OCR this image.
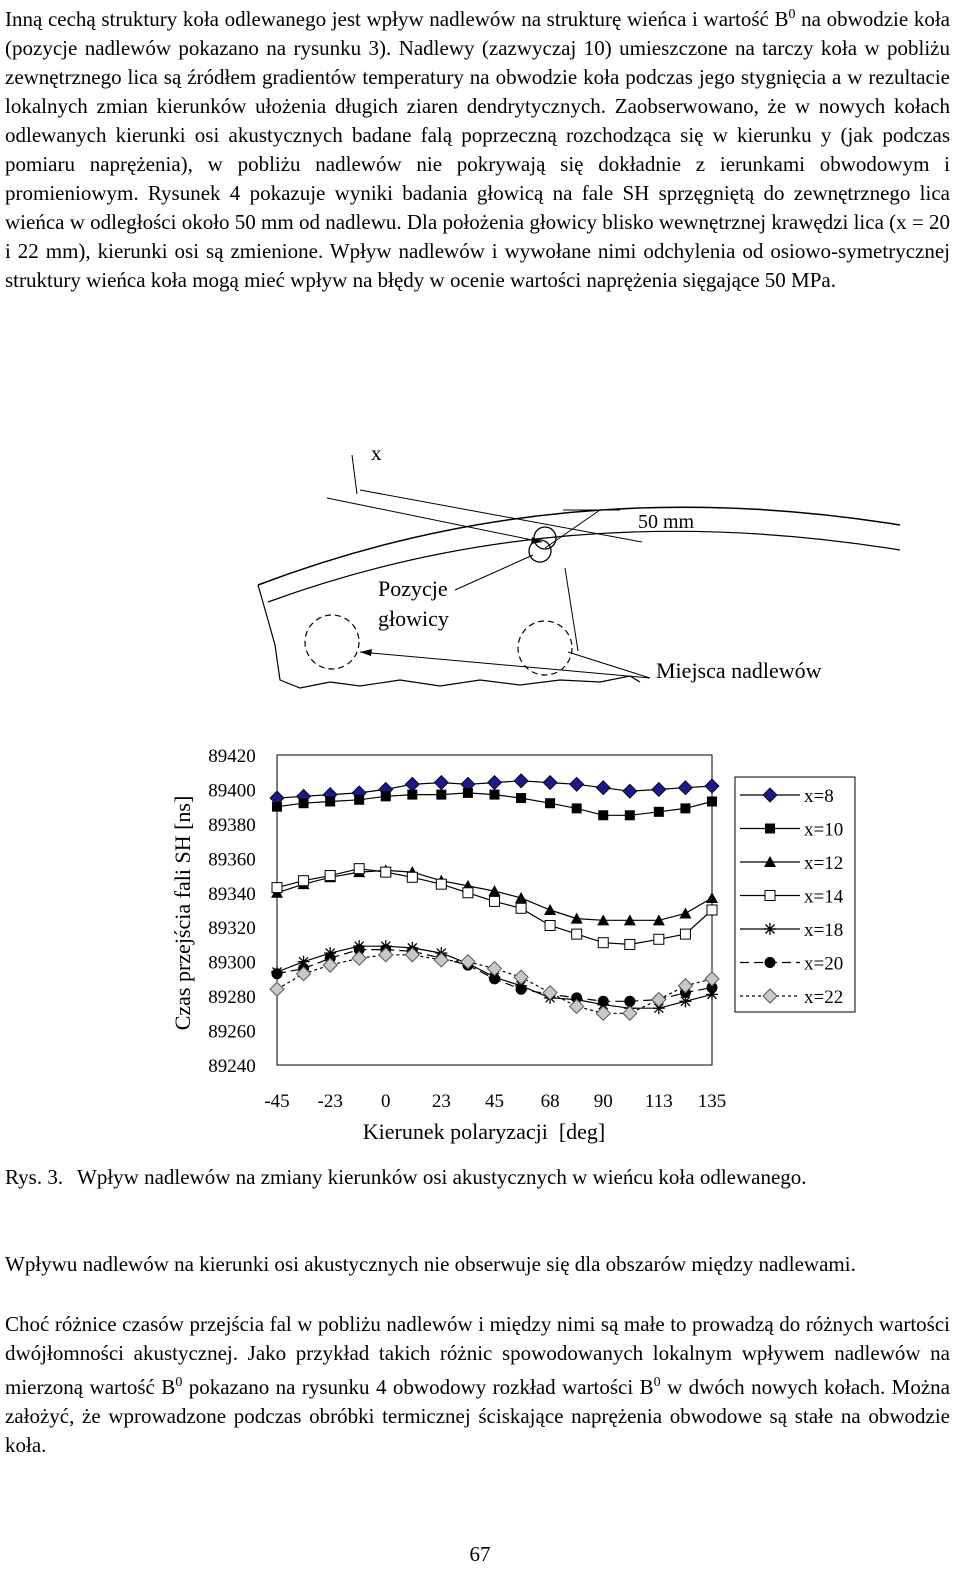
Inną cechą struktury koła odlewanego jest wpływ nadlewów na strukturę wieńca i wartość $B^0$ na obwodzie koła (pozycje nadlewów pokazano na rysunku 3). Nadlewy (zazwyczaj 10) umieszczone na tarczy koła w pobliżu zewnętrznego lica są źródłem gradientów temperatury na obwodzie koła podczas jego stygnięcia a w rezultacie lokalnych zmian kierunków ułożenia długich ziaren dendrytycznych. Zaobserwowano, że w nowych kołach odlewanych kierunki osi akustycznych badane falą poprzeczną rozchodząca się w kierunku y (jak podczas pomiaru naprężenia), w pobliżu nadlewów nie pokrywają się dokładnie z ierunkami obwodowym i promieniowym. Rysunek 4 pokazuje wyniki badania głowicą na fale SH sprzęgniętą do zewnętrznego lica wieńca w odległości około 50 mm od nadlewu. Dla położenia głowicy blisko wewnętrznej krawędzi lica (x = 20 i 22 mm), kierunki osi są zmienione. Wpływ nadlewów i wywołane nimi odchylenia od osiowo-symetrycznej struktury wieńca koła mogą mieć wpływ na błędy w ocenie wartości naprężenia sięgające 50 MPa.

x
50 mm
Pozycje
głowicy
Miejsca nadlewów
89420
89400
89380
89360
89340
89320
89300
89280
89260
89240
-45 -23 0 23 45 68 90 113 135
x=8
x=10
x=12
x=14
x=18
x=20
x=22
Czas przejścia fali SH [ns]
Kierunek polaryzacji  [deg]
Rys. 3. Wpływ nadlewów na zmiany kierunków osi akustycznych w wieńcu koła odlewanego.

Wpływu nadlewów na kierunki osi akustycznych nie obserwuje się dla obszarów między nadlewami.

Choć różnice czasów przejścia fal w pobliżu nadlewów i między nimi są małe to prowadzą do różnych wartości dwójłomności akustycznej. Jako przykład takich różnic spowodowanych lokalnym wpływem nadlewów na mierzoną wartość $B^0$ pokazano na rysunku 4 obwodowy rozkład wartości $B^0$ w dwóch nowych kołach. Można założyć, że wprowadzone podczas obróbki termicznej ściskające naprężenia obwodowe są stałe na obwodzie koła.

67
